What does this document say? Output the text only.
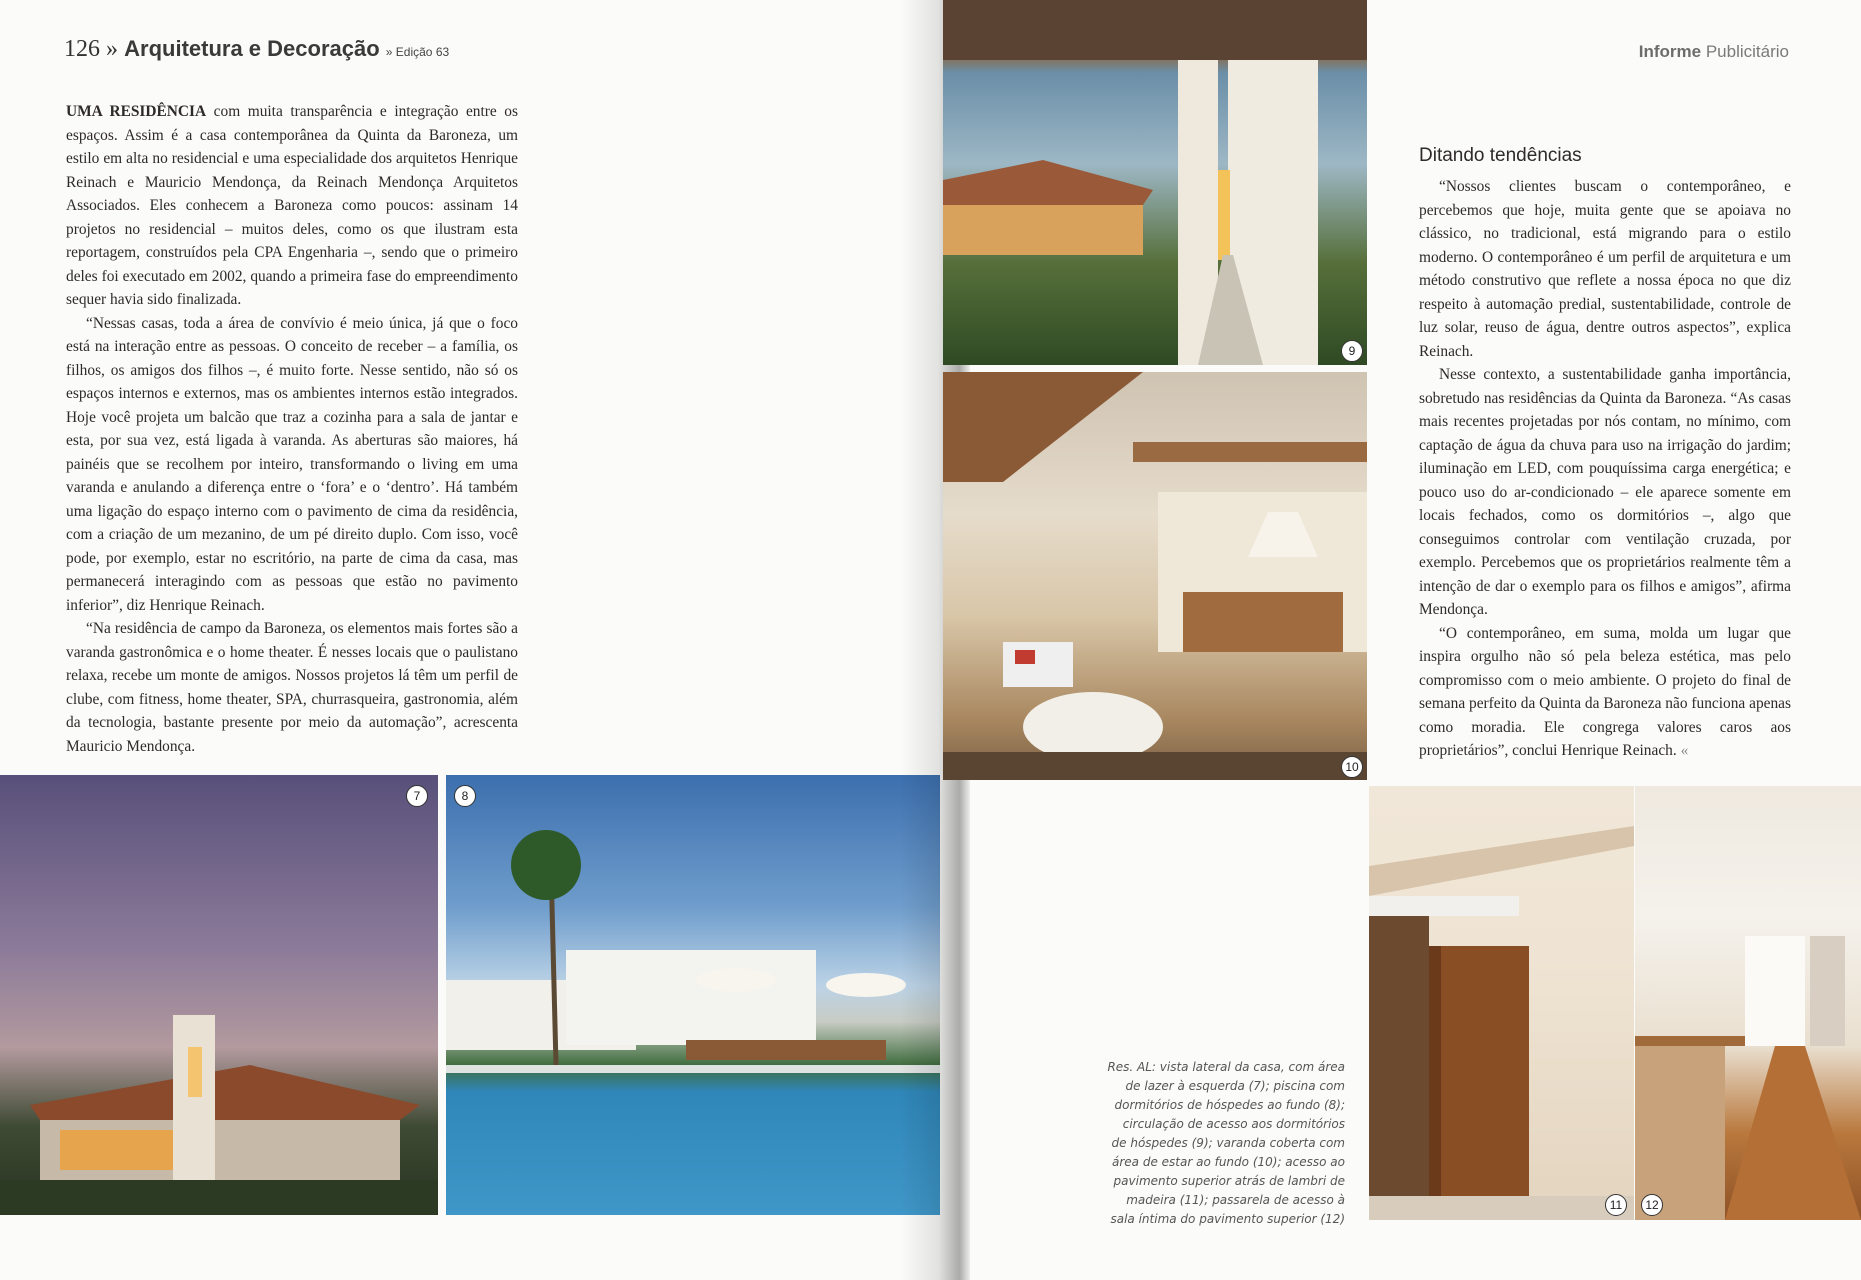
126 » Arquitetura e Decoração » Edição 63	Informe Publicitário

UMA RESIDÊNCIA com muita transparência e integração entre os espaços. Assim é a casa contemporânea da Quinta da Baroneza, um estilo em alta no residencial e uma especialidade dos arquitetos Henrique Reinach e Mauricio Mendonça, da Reinach Mendonça Arquitetos Associados. Eles conhecem a Baroneza como poucos: assinam 14 projetos no residencial – muitos deles, como os que ilustram esta reportagem, construídos pela CPA Engenharia –, sendo que o primeiro deles foi executado em 2002, quando a primeira fase do empreendimento sequer havia sido finalizada.

“Nessas casas, toda a área de convívio é meio única, já que o foco está na interação entre as pessoas. O conceito de receber – a família, os filhos, os amigos dos filhos –, é muito forte. Nesse sentido, não só os espaços internos e externos, mas os ambientes internos estão integrados. Hoje você projeta um balcão que traz a cozinha para a sala de jantar e esta, por sua vez, está ligada à varanda. As aberturas são maiores, há painéis que se recolhem por inteiro, transformando o living em uma varanda e anulando a diferença entre o ‘fora’ e o ‘dentro’. Há também uma ligação do espaço interno com o pavimento de cima da residência, com a criação de um mezanino, de um pé direito duplo. Com isso, você pode, por exemplo, estar no escritório, na parte de cima da casa, mas permanecerá interagindo com as pessoas que estão no pavimento inferior”, diz Henrique Reinach.

“Na residência de campo da Baroneza, os elementos mais fortes são a varanda gastronômica e o home theater. É nesses locais que o paulistano relaxa, recebe um monte de amigos. Nossos projetos lá têm um perfil de clube, com fitness, home theater, SPA, churrasqueira, gastronomia, além da tecnologia, bastante presente por meio da automação”, acrescenta Mauricio Mendonça.

7	8
9
10
Ditando tendências

“Nossos clientes buscam o contemporâneo, e percebemos que hoje, muita gente que se apoiava no clássico, no tradicional, está migrando para o estilo moderno. O contemporâneo é um perfil de arquitetura e um método construtivo que reflete a nossa época no que diz respeito à automação predial, sustentabilidade, controle de luz solar, reuso de água, dentre outros aspectos”, explica Reinach.

Nesse contexto, a sustentabilidade ganha importância, sobretudo nas residências da Quinta da Baroneza. “As casas mais recentes projetadas por nós contam, no mínimo, com captação de água da chuva para uso na irrigação do jardim; iluminação em LED, com pouquíssima carga energética; e pouco uso do ar-condicionado – ele aparece somente em locais fechados, como os dormitórios –, algo que conseguimos controlar com ventilação cruzada, por exemplo. Percebemos que os proprietários realmente têm a intenção de dar o exemplo para os filhos e amigos”, afirma Mendonça.

“O contemporâneo, em suma, molda um lugar que inspira orgulho não só pela beleza estética, mas pelo compromisso com o meio ambiente. O projeto do final de semana perfeito da Quinta da Baroneza não funciona apenas como moradia. Ele congrega valores caros aos proprietários”, conclui Henrique Reinach. «

Res. AL: vista lateral da casa, com área de lazer à esquerda (7); piscina com dormitórios de hóspedes ao fundo (8); circulação de acesso aos dormitórios de hóspedes (9); varanda coberta com área de estar ao fundo (10); acesso ao pavimento superior atrás de lambri de madeira (11); passarela de acesso à sala íntima do pavimento superior (12)
11	12
